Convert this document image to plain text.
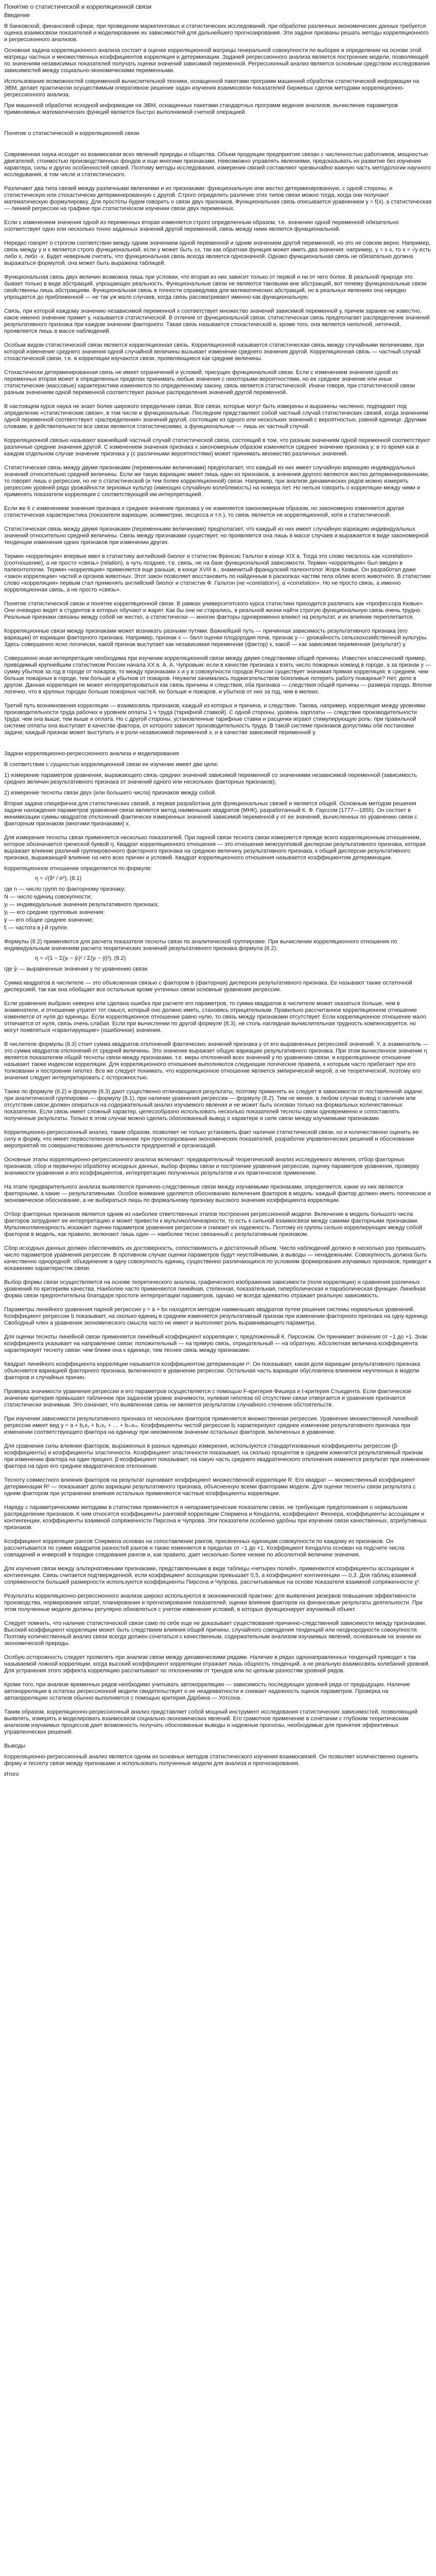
Понятие о статистической и корреляционной связи

Введение

В банковской, финансовой сфере, при проведении маркетинговых и статистических исследований, при обработке различных экономических данных требуется оценка взаимосвязи показателей и моделирование их зависимостей для дальнейшего прогнозирования. Эти задачи призваны решать методы корреляционного и регрессионного анализов.

Основная задача корреляционного анализа состоит в оценке корреляционной матрицы генеральной совокупности по выборке и определении на основе этой матрицы частных и множественных коэффициентов корреляции и детерминации. Задачей регрессионного анализа является построение модели, позволяющей по значениям независимых показателей получать оценки значений зависимой переменной. Регрессионный анализ является основным средством исследования зависимостей между социально-экономическими переменными.

Использование возможностей современной вычислительной техники, оснащенной пакетами программ машинной обработки статистической информации на ЭВМ, делает практически осуществимым оперативное решение задач изучения взаимосвязи показателей биржевых сделок методами корреляционно-регрессионного анализа.

При машинной обработке исходной информации на ЭВМ, оснащенных пакетами стандартных программ ведения анализов, вычисление параметров применяемых математических функций является быстро выполняемой счетной операцией.

Понятие о статистической и корреляционной связи

Современная наука исходит из взаимосвязи всех явлений природы и общества. Объем продукции предприятия связан с численностью работников, мощностью двигателей, стоимостью производственных фондов и еще многими признаками. Невозможно управлять явлениями, предсказывать их развитие без изучения характера, силы и других особенностей связей. Поэтому методы исследования, измерения связей составляют чрезвычайно важную часть методологии научного исследования, в том числе и статистического.

Различают два типа связей между различными явлениями и их признаками: функциональную или жестко детерминированную, с одной стороны, и статистическую или стохастически детерминированную с другой. Строго определить различие этих типов связи можно тогда, когда они получают математическую формулировку. Для простоты будем говорить о связи двух признаков. Функциональная связь описывается уравнением y = f(x), а статистическая — линией регрессии на графике при статистическом изучении связи двух переменных.

Если с изменением значения одной из переменных вторая изменяется строго определенным образом, т.е. значению одной переменной обязательно соответствует одно или несколько точно заданных значений другой переменной, связь между ними является функциональной.

Нередко говорят о строгом соответствии между одним значением одной переменной и одним значением другой переменной, но это не совсем верно. Например, связь между у и х является строго функциональной, если у может быть ±x, так как обратная функция может иметь два значения: например, у = х·x, то х = √y есть либо х, либо -x. Будет неверным считать, что функциональная связь всегда является однозначной. Однако функциональная связь не обязательно должна выражаться формулой, она может быть выражена таблицей.

Функциональная связь двух величин возможна лишь при условии, что вторая из них зависит только от первой и ни от чего более. В реальной природе это бывает только в виде абстракций, упрощающих реальность. Функциональные связи не являются таковыми вне абстракций, вот почему функциональные связи свойственны лишь абстракциям. Функциональная связь в точности справедлива для математических абстракций, но в реальных явлениях она нередко упрощается до приближенной — не так уж мало случаев, когда связь рассматривают именно как функциональную.

Связь, при которой каждому значению независимой переменной х соответствует множество значений зависимой переменной у, причем заранее не известно, какое именно значение примет у, называется статистической. В отличие от функциональной связи, статистическая связь предполагает распределение значений результативного признака при каждом значении факторного. Такая связь называется стохастической и, кроме того, она является неполной, неточной, проявляется лишь в массе наблюдений.

Особым видом статистической связи является корреляционная связь. Корреляционной называется статистическая связь между случайными величинами, при которой изменение среднего значения одной случайной величины вызывает изменение среднего значения другой. Корреляционная связь — частный случай стохастической связи, т.е. в корреляции изучаются связи, проявляющиеся как средние величины.

Стохастически детерминированная связь не имеет ограничений и условий, присущих функциональной связи. Если с изменением значения одной из переменных вторая может в определенных пределах принимать любые значения с некоторыми вероятностями, но ее среднее значение или иные статистические (массовые) характеристики изменяются по определенному закону, связь является статистической. Иначе говоря, при статистической связи разным значениям одной переменной соответствуют разные распределения значений другой переменной.

В настоящем курсе наука не знает более широкого определения связи. Все связи, которые могут быть измерены и выражены численно, подпадают под определение «статистические связи», в том числе и функциональные. Последние представляют собой частный случай статистических связей, когда значениям одной переменной соответствуют «распределения» значений другой, состоящие из одного или нескольких значений с вероятностью, равной единице. Другими словами, в действительности все связи являются статистическими, а функциональные — лишь их частный случай.

Корреляционной связью называют важнейший частный случай статистической связи, состоящий в том, что разным значениям одной переменной соответствуют различные средние значения другой. С изменением значения признака х закономерным образом изменяется среднее значение признака у; в то время как в каждом отдельном случае значение признака у (с различными вероятностями) может принимать множество различных значений.

Статистическая связь между двумя признаками (переменными величинами) предполагает, что каждый из них имеет случайную вариацию индивидуальных значений относительно средней величины. Если же такую вариацию имеет лишь один из признаков, а значения другого являются жестко детерминированными, то говорят лишь о регрессии, но не о статистической (и тем более корреляционной) связи. Например, при анализе динамических рядов можно измерять регрессию уровней ряда урожайности зерновых культур (имеющих случайную колеблемость) на номера лет. Но нельзя говорить о корреляции между ними и применять показатели корреляции с соответствующей им интерпретацией.

Если же К с изменением значения признака х среднее значение признака у не изменяется закономерным образом, но закономерно изменяется другая статистическая характеристика (показатели вариации, асимметрии, эксцесса и т.п.), то связь является не корреляционной, хотя и статистической.

Статистическая связь между двумя признаками (переменными величинами) предполагает, что каждый из них имеет случайную вариацию индивидуальных значений относительно средней величины. Связь между признаками существует, но проявляется она лишь в массе случаев и выражается в виде закономерной тенденции изменения одних признаков при изменении других.

Термин «корреляция» впервые ввел в статистику английский биолог и статистик Френсис Гальтон в конце XIX в. Тогда это слово писалось как «corelation» (соотношение), а не просто «связь» (relation), а чуть позднее, т.е. связь, не на базе функциональной зависимости. Термин «корреляция» был введен в палеонтологии. Термин «корреляция» применяется еще раньше, в конце XVIII в., знаменитый французский палеонтолог Жорж Кювье. Он разработал даже «закон корреляции» частей и органов животных. Этот закон позволяет восстановить по найденным в раскопках частям тела облик всего животного. В статистике слово «корреляция» первым стал применять английский биолог и статистик Ф. Гальтон (не «corelation»), а «correlation». Но не просто связь, а именно корреляционная связь, а не просто «связь».

Понятие статистической связи и понятие корреляционной связи. В рамках университетского курса статистики приходится различать как «профессора Кювье». Они очевидно видят в студентов в которых обучают и жарят. Как бы они ни старались, в реальной жизни найти строгую функциональную связь очень трудно. Реальные признаки связаны между собой не жестко, а статистически — многие факторы одновременно влияют на результат, и их влияние переплетается.

Корреляционные связи между признаками может возникать разными путями. Важнейший путь — причинная зависимость результативного признака (его вариации) от вариации факторного признака. Например, признак х — балл оценки плодородия почв, признак у — урожайность сельскохозяйственной культуры. Здесь совершенно ясно логически, какой признак выступает как независимая переменная (фактор) х, какой — как зависимая переменная (результат) у.

Совершенно иная интерпретация необходима при изучении корреляционной связи между двумя следствиями общей причины. Известен классический пример, приводимый крупнейшим статистиком России начала XX в. А. А. Чупровым: если в качестве признака х взять число пожарных команд в городе, а за признак у — сумму убытков за год в городе от пожаров, то между признаками х и у в совокупности городов России существует значимая прямая корреляция; в среднем, чем больше пожарных в городе, тем больше и убытков от пожаров. Неужели занимались поджигательством боязливые потерять работу пожарные? Нет, дело в другом. Данная корреляция не может интерпретироваться как связь причины и следствия, оба признака — следствия общей причины — размера города. Вполне логично, что в крупных городах больше пожарных частей, но больше и пожаров, и убытков от них за год, чем в мелких.

Третий путь возникновения корреляции — взаимосвязь признаков, каждый из которых и причина, и следствие. Такова, например, корреляция между уровнями производительности труда рабочих и уровнем оплаты 1 ч труда (тарифной ставкой). С одной стороны, уровень зарплаты — следствие производительности труда: чем она выше, тем выше и оплата. Но с другой стороны, установленные тарифные ставки и расценки играют стимулирующую роль: при правильной системе оплаты она выступает в качестве фактора, от которого зависит производительность труда. В такой системе признаков допустимы обе постановки задачи; каждый признак может выступать и в роли независимой переменной х, и в качестве зависимой переменной у.

Задачи корреляционно-регрессионного анализа и моделирования

В соответствии с сущностью корреляционной связи ее изучение имеет две цели:

1) измерение параметров уравнения, выражающего связь средних значений зависимой переменной со значениями независимой переменной (зависимость средних величин результативного признака от значений одного или нескольких факторных признаков);

2) измерение тесноты связи двух (или большего числа) признаков между собой.

Вторая задача специфична для статистических связей, а первая разработана для функциональных связей и является общей. Основным методом решения задачи нахождения параметров уравнения связи является метод наименьших квадратов (МНК), разработанный К. Ф. Гауссом (1777—1855). Он состоит в минимизации суммы квадратов отклонений фактически измеренных значений зависимой переменной у от ее значений, вычисленных по уравнению связи с факторным признаком (многими признаками) х.

Для измерения тесноты связи применяется несколько показателей. При парной связи теснота связи измеряется прежде всего корреляционным отношением, которое обозначается греческой буквой η. Квадрат корреляционного отношения — это отношение межгрупповой дисперсии результативного признака, которая выражает влияние различий группировочного факторного признака на среднюю величину результативного признака, к общей дисперсии результативного признака, выражающей влияние на него всех причин и условий. Квадрат корреляционного отношения называется коэффициентом детерминации.

Корреляционное отношение определяется по формуле:

η = √(δ² / σ²), (8.1)

где n — число групп по факторному признаку;

N — число единиц совокупности;

yᵢ — индивидуальные значения результативного признака;

ȳⱼ — его средние групповые значения;

ȳ — его общее среднее значение;

fⱼ — частота в j-й группе.

Формулы (8.2) применяются для расчета показателя тесноты связи по аналитической группировке. При вычислении корреляционного отношения по индивидуальным значениям расчета теоретических значений результативного признака формула (8.2):

η = √(1 − Σ(yᵢ − ŷᵢ)² / Σ(yᵢ − ȳ)²), (8.2)

где ŷᵢ — выравненные значения у по уравнению связи.

Сумма квадратов в числителе — это объясненная связью с фактором в (факторная) дисперсия результативного признака. Ее называют также остаточной дисперсией, так как она обобщает все остальные кроме учтенных связи основные уравнения регрессии.

Если уравнение выбрано неверно или сделана ошибка при расчете его параметров, то сумма квадратов в числителе может оказаться больше, чем в знаменателе, и отношение утратит тот смысл, который оно должно иметь, становясь отрицательным. Правильно рассчитанное корреляционное отношение изменяется от нуля до единицы. Если корреляционное отношение равно нулю, то связь между признаками отсутствует. Если корреляционное отношение мало отличается от нуля, связь очень слабая. Если при вычислении по другой формуле (8.3), не столь наглядная вычислительная трудность компенсируется, но могут появляться «гарантирующие» (ошибочное) значения.

В числителе формулы (8.3) стоит сумма квадратов отклонений фактических значений признака у от его выравненных регрессией значений. Y, а знаменатель — это сумма квадратов отклонений от средней величины. Это значение выражает общую вариацию результативного признака. При этом вычисленное значение η является показателем общей тесноты связи между признаками, т.е. меры отклонений всех значений у по уравнению связи, и корреляционное отношение называют также индексом корреляции. Для корреляционного отношения выполняются следующие логические правила, к которым часто прибегают при его толковании и построении гипотез. Все же следует понимать, что корреляционное отношение является эмпирической мерой, а не теоретической, поэтому его значения следует интерпретировать с осторожностью.

Также по формуле (8.2) и формуле (8.3) дают существенно отличающиеся результаты, поэтому применять их следует в зависимости от поставленной задачи: при аналитической группировке — формулу (8.1), при наличии уравнения регрессии — формулу (8.2). Тем не менее, в любом случае вывод о наличии или отсутствии связи должен опираться на содержательный анализ изучаемого явления и не может быть основан только на формальных количественных показателях. Если связь имеет сложный характер, целесообразно использовать несколько показателей тесноты связи одновременно и сопоставлять полученные результаты. Только в этом случае можно сделать обоснованный вывод о характере и силе связи между изучаемыми признаками.

Корреляционно-регрессионный анализ, таким образом, позволяет не только установить факт наличия статистической связи, но и количественно оценить ее силу и форму, что имеет первостепенное значение при прогнозировании экономических показателей, разработке управленческих решений и обосновании мероприятий по совершенствованию деятельности предприятий и организаций.

Основные этапы корреляционно-регрессионного анализа включают: предварительный теоретический анализ исследуемого явления, отбор факторных признаков, сбор и первичную обработку исходных данных, выбор формы связи и построение уравнения регрессии, оценку параметров уравнения, проверку значимости уравнения и его коэффициентов, интерпретацию полученных результатов и их практическое применение.

На этапе предварительного анализа выявляются причинно-следственные связи между изучаемыми признаками, определяется, какие из них являются факторными, а какие — результативными. Особое внимание уделяется обоснованию включения факторов в модель: каждый фактор должен иметь логическое и экономическое обоснование, а не выбираться лишь по формальному признаку высокого значения коэффициента корреляции.

Отбор факторных признаков является одним из наиболее ответственных этапов построения регрессионной модели. Включение в модель большого числа факторов затрудняет ее интерпретацию и может привести к мультиколлинеарности, то есть к сильной взаимосвязи между самими факторными признаками. Мультиколлинеарность искажает оценки параметров уравнения регрессии и снижает их надежность. Поэтому из группы сильно коррелирующих между собой факторов в модель, как правило, включают лишь один — наиболее тесно связанный с результативным признаком.

Сбор исходных данных должен обеспечивать их достоверность, сопоставимость и достаточный объем. Число наблюдений должно в несколько раз превышать число параметров уравнения регрессии. В противном случае оценки параметров будут неустойчивыми, а выводы — ненадежными. Совокупность должна быть качественно однородной: объединение в одну совокупность единиц, существенно различающихся по условиям формирования изучаемых признаков, приводит к искажению характеристик связи.

Выбор формы связи осуществляется на основе теоретического анализа, графического изображения зависимости (поля корреляции) и сравнения различных уравнений по критериям качества. Наиболее часто применяются линейная, степенная, показательная, гиперболическая и параболическая функции. Линейная форма связи предпочтительна благодаря простоте интерпретации параметров, однако не всегда адекватно отражает реальную зависимость.

Параметры линейного уравнения парной регрессии y = a + bx находятся методом наименьших квадратов путем решения системы нормальных уравнений. Коэффициент регрессии b показывает, на сколько единиц в среднем изменяется результативный признак при изменении факторного признака на одну единицу. Свободный член a уравнения экономического смысла часто не имеет и выполняет роль выравнивающего параметра.

Для оценки тесноты линейной связи применяется линейный коэффициент корреляции r, предложенный К. Пирсоном. Он принимает значения от −1 до +1. Знак коэффициента указывает на направление связи: положительный — на прямую связь, отрицательный — на обратную. Абсолютная величина коэффициента характеризует тесноту связи: чем ближе она к единице, тем теснее связь между признаками.

Квадрат линейного коэффициента корреляции называется коэффициентом детерминации r². Он показывает, какая доля вариации результативного признака объясняется вариацией факторного признака, включенного в уравнение регрессии. Остальная часть вариации обусловлена влиянием неучтенных в модели факторов и случайных причин.

Проверка значимости уравнения регрессии и его параметров осуществляется с помощью F-критерия Фишера и t-критерия Стьюдента. Если фактическое значение критерия превышает табличное при заданном уровне значимости, нулевая гипотеза об отсутствии связи отвергается и уравнение признается статистически значимым. Это означает, что выявленная связь не является результатом случайного стечения обстоятельств.

При изучении зависимости результативного признака от нескольких факторов применяется множественная регрессия. Уравнение множественной линейной регрессии имеет вид y = a + b₁x₁ + b₂x₂ + … + bₘxₘ. Коэффициенты чистой регрессии bⱼ характеризуют среднее изменение результативного признака при изменении соответствующего фактора на единицу при неизменном значении остальных факторов, включенных в уравнение.

Для сравнения силы влияния факторов, выраженных в разных единицах измерения, используются стандартизованные коэффициенты регрессии (β-коэффициенты) и коэффициенты эластичности. Коэффициент эластичности показывает, на сколько процентов в среднем изменится результативный признак при изменении фактора на один процент. β-коэффициент показывает, на какую часть среднего квадратического отклонения изменится результат при изменении фактора на одно его среднее квадратическое отклонение.

Тесноту совместного влияния факторов на результат оценивает коэффициент множественной корреляции R. Его квадрат — множественный коэффициент детерминации R² — показывает долю вариации результативного признака, объясненную всеми факторами модели. Для оценки тесноты связи результата с одним фактором при устранении влияния остальных применяются частные коэффициенты корреляции.

Наряду с параметрическими методами в статистике применяются и непараметрические показатели связи, не требующие предположения о нормальном распределении признаков. К ним относятся коэффициенты ранговой корреляции Спирмена и Кендалла, коэффициент Фехнера, коэффициенты ассоциации и контингенции, коэффициенты взаимной сопряженности Пирсона и Чупрова. Эти показатели особенно удобны при изучении связи качественных, атрибутивных признаков.

Коэффициент корреляции рангов Спирмена основан на сопоставлении рангов, присвоенных единицам совокупности по каждому из признаков. Он рассчитывается по сумме квадратов разностей рангов и также изменяется в пределах от −1 до +1. Коэффициент Кендалла основан на подсчете числа совпадений и инверсий в порядке следования рангов и, как правило, дает несколько более низкие по абсолютной величине значения.

Для изучения связи между альтернативными признаками, представленными в виде таблицы «четырех полей», применяются коэффициенты ассоциации и контингенции. Связь считается подтвержденной, если коэффициент ассоциации превышает 0,5, а коэффициент контингенции — 0,3. Для таблиц взаимной сопряженности большей размерности используются коэффициенты Пирсона и Чупрова, рассчитываемые на основе показателя взаимной сопряженности χ².

Результаты корреляционно-регрессионного анализа широко используются в экономической практике: для выявления резервов повышения эффективности производства, нормирования затрат, планирования и прогнозирования показателей, оценки влияния факторов на финансовые результаты деятельности. При этом полученные модели должны регулярно обновляться с учетом изменения условий, в которых функционирует изучаемый объект.

Следует помнить, что наличие статистической связи само по себе еще не доказывает существования причинно-следственной зависимости между признаками. Высокий коэффициент корреляции может быть следствием влияния общей причины, случайного совпадения тенденций или неоднородности совокупности. Поэтому количественный анализ связи всегда должен сочетаться с качественным, содержательным анализом изучаемых явлений, основанным на знании их экономической природы.

Особую осторожность следует проявлять при анализе связи между динамическими рядами. Наличие в рядах однонаправленных тенденций приводит к так называемой ложной корреляции, когда высокий коэффициент корреляции отражает лишь общность тенденций, а не реальную взаимосвязь колебаний уровней. Для устранения этого эффекта корреляцию рассчитывают по отклонениям от трендов или по цепным разностям уровней рядов.

Кроме того, при анализе временных рядов необходимо учитывать автокорреляцию — зависимость последующих уровней ряда от предыдущих. Наличие автокорреляции в остатках регрессионной модели свидетельствует о ее неадекватности и снижает надежность оценок параметров. Проверка на автокорреляцию остатков обычно выполняется с помощью критерия Дарбина — Уотсона.

Таким образом, корреляционно-регрессионный анализ представляет собой мощный инструмент исследования статистических зависимостей, позволяющий выявлять, измерять и моделировать взаимосвязи социально-экономических явлений. Его грамотное применение в сочетании с глубоким теоретическим анализом изучаемых процессов дает возможность получать обоснованные выводы и надежные прогнозы, необходимые для принятия эффективных управленческих решений.

Выводы

Корреляционно-регрессионный анализ является одним из основных методов статистического изучения взаимосвязей. Он позволяет количественно оценить форму и тесноту связи между признаками и использовать полученные модели для анализа и прогнозирования.

Итого
